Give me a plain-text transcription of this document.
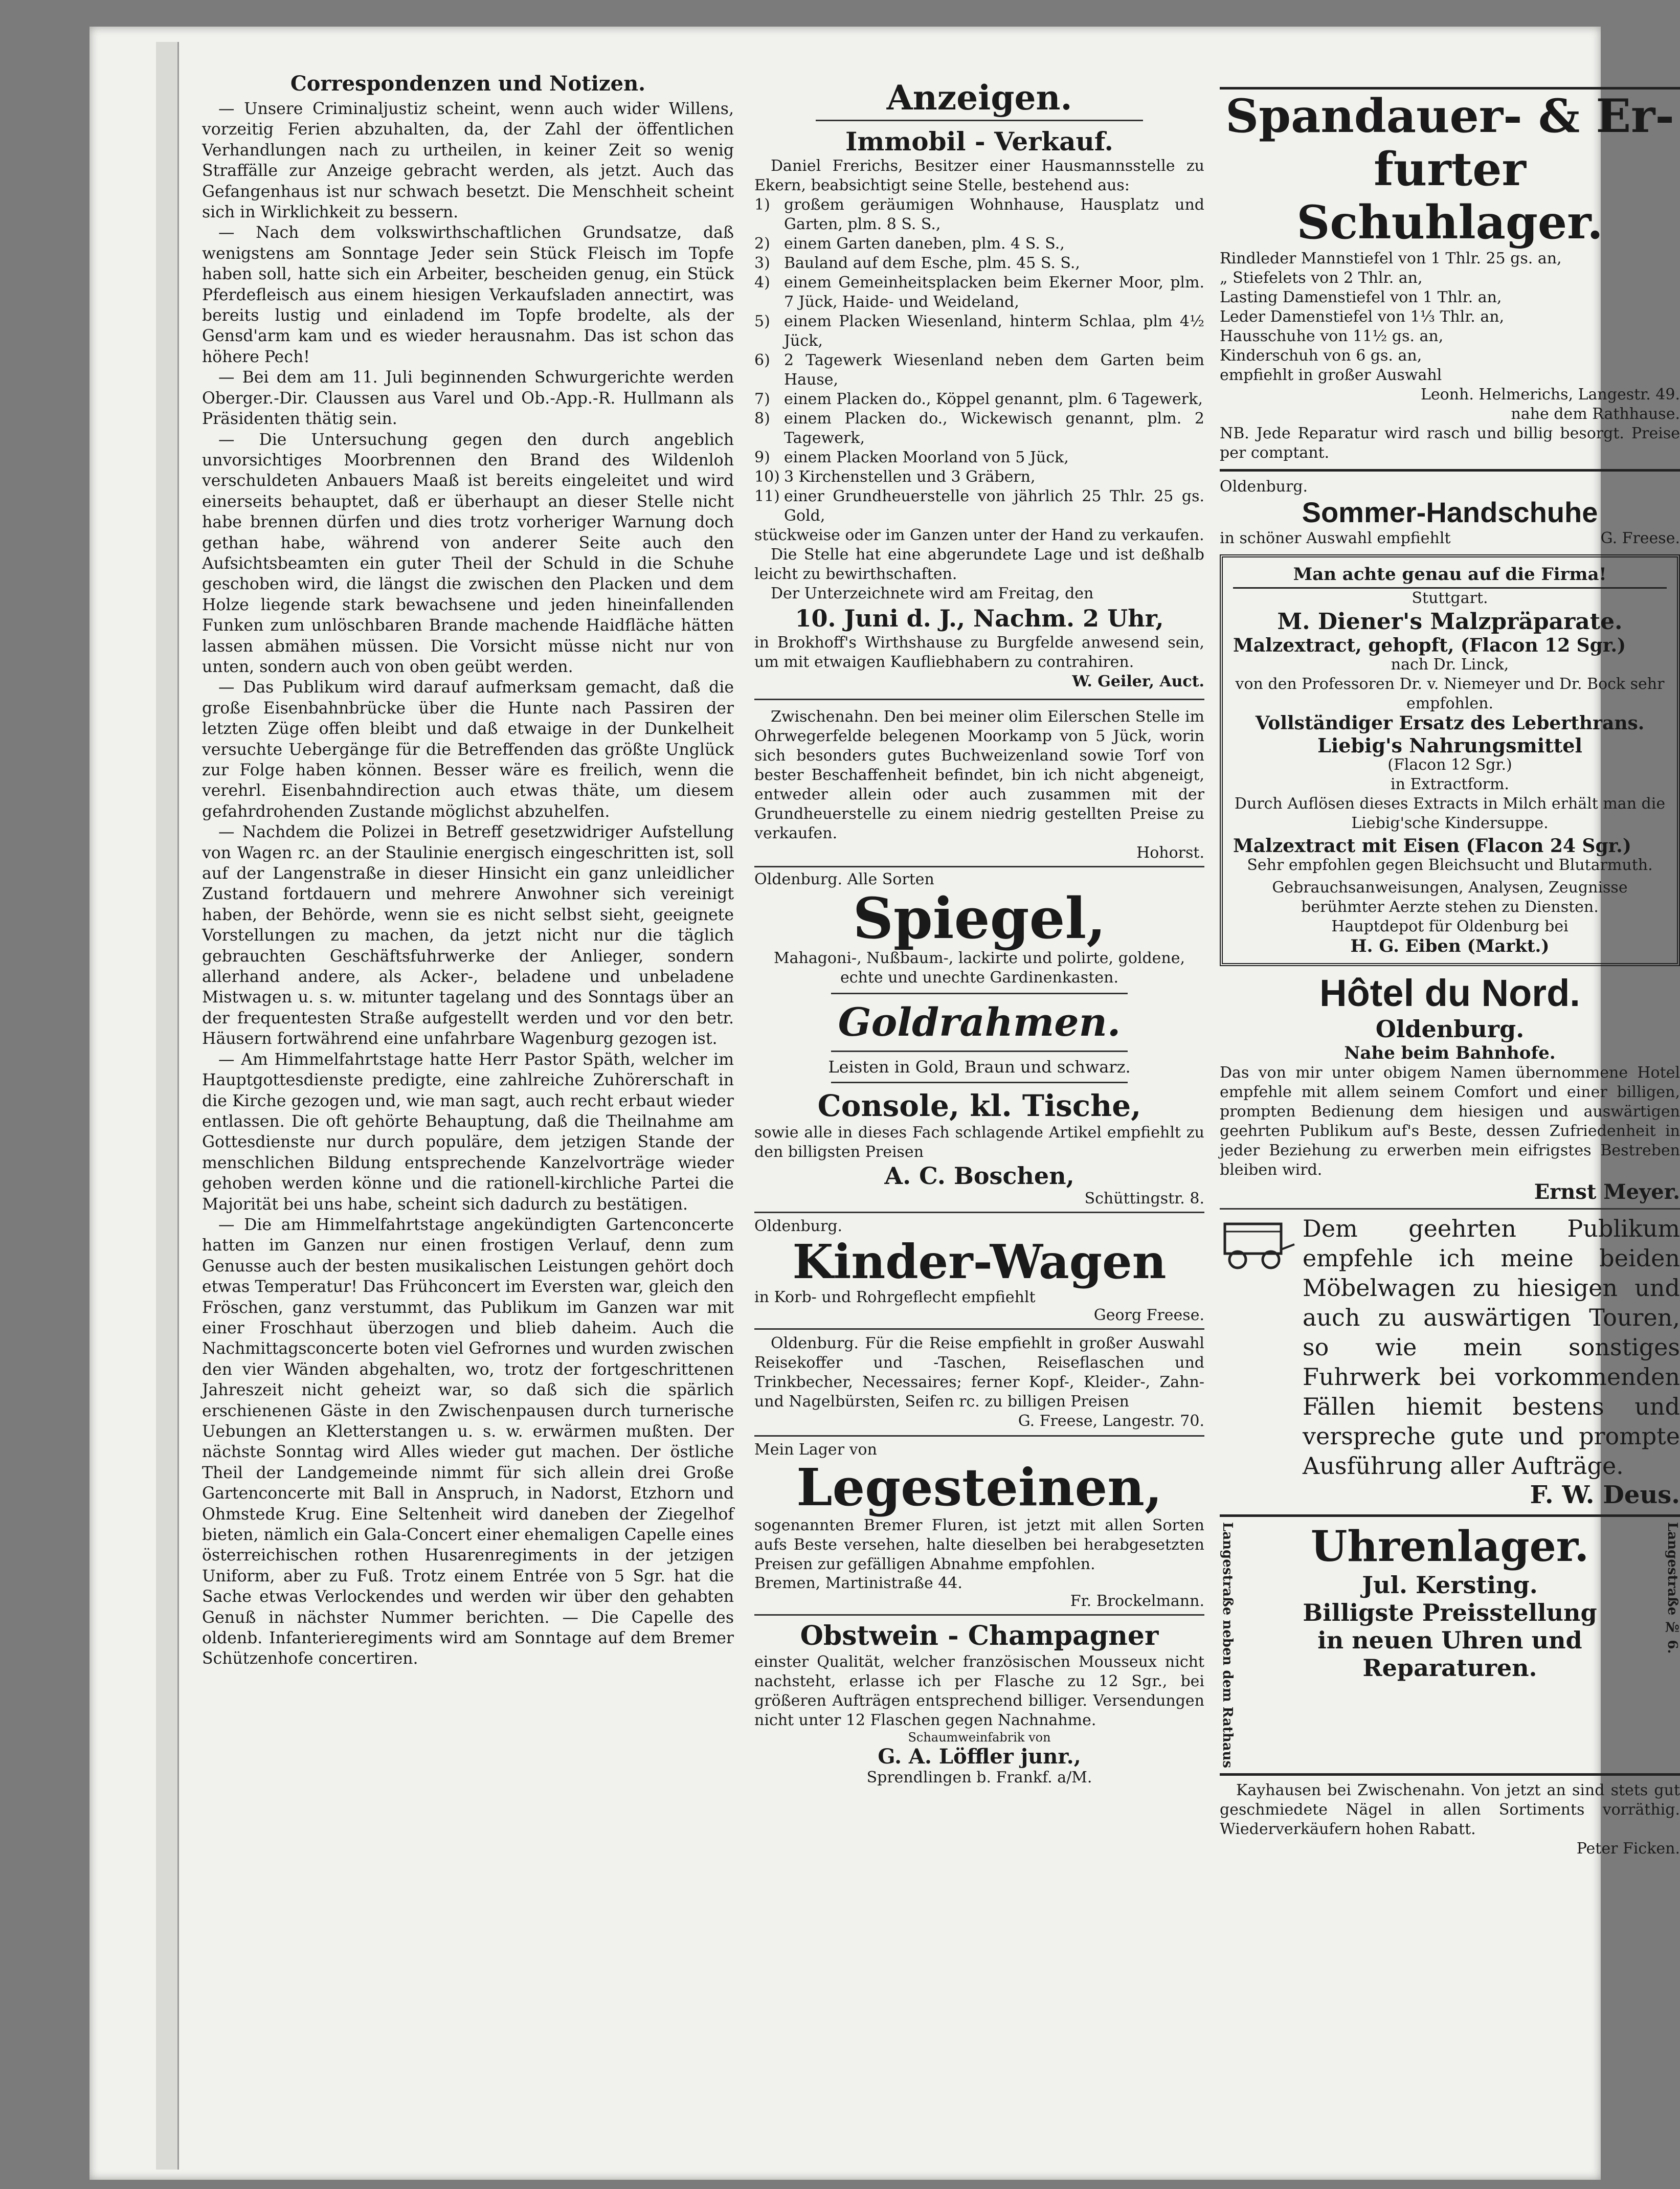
Correspondenzen und Notizen.

— Unsere Criminaljustiz scheint, wenn auch wider Willens, vorzeitig Ferien abzuhalten, da, der Zahl der öffentlichen Verhandlungen nach zu urtheilen, in keiner Zeit so wenig Straffälle zur Anzeige gebracht werden, als jetzt. Auch das Gefangenhaus ist nur schwach besetzt. Die Menschheit scheint sich in Wirklichkeit zu bessern.

— Nach dem volkswirthschaftlichen Grundsatze, daß wenigstens am Sonntage Jeder sein Stück Fleisch im Topfe haben soll, hatte sich ein Arbeiter, bescheiden genug, ein Stück Pferdefleisch aus einem hiesigen Verkaufsladen annectirt, was bereits lustig und einladend im Topfe brodelte, als der Gensd'arm kam und es wieder herausnahm. Das ist schon das höhere Pech!

— Bei dem am 11. Juli beginnenden Schwurgerichte werden Oberger.-Dir. Claussen aus Varel und Ob.-App.-R. Hullmann als Präsidenten thätig sein.

— Die Untersuchung gegen den durch angeblich unvorsichtiges Moorbrennen den Brand des Wildenloh verschuldeten Anbauers Maaß ist bereits eingeleitet und wird einerseits behauptet, daß er überhaupt an dieser Stelle nicht habe brennen dürfen und dies trotz vorheriger Warnung doch gethan habe, während von anderer Seite auch den Aufsichtsbeamten ein guter Theil der Schuld in die Schuhe geschoben wird, die längst die zwischen den Placken und dem Holze liegende stark bewachsene und jeden hineinfallenden Funken zum unlöschbaren Brande machende Haidfläche hätten lassen abmähen müssen. Die Vorsicht müsse nicht nur von unten, sondern auch von oben geübt werden.

— Das Publikum wird darauf aufmerksam gemacht, daß die große Eisenbahnbrücke über die Hunte nach Passiren der letzten Züge offen bleibt und daß etwaige in der Dunkelheit versuchte Uebergänge für die Betreffenden das größte Unglück zur Folge haben können. Besser wäre es freilich, wenn die verehrl. Eisenbahndirection auch etwas thäte, um diesem gefahrdrohenden Zustande möglichst abzuhelfen.

— Nachdem die Polizei in Betreff gesetzwidriger Aufstellung von Wagen rc. an der Staulinie energisch eingeschritten ist, soll auf der Langenstraße in dieser Hinsicht ein ganz unleidlicher Zustand fortdauern und mehrere Anwohner sich vereinigt haben, der Behörde, wenn sie es nicht selbst sieht, geeignete Vorstellungen zu machen, da jetzt nicht nur die täglich gebrauchten Geschäftsfuhrwerke der Anlieger, sondern allerhand andere, als Acker-, beladene und unbeladene Mistwagen u. s. w. mitunter tagelang und des Sonntags über an der frequentesten Straße aufgestellt werden und vor den betr. Häusern fortwährend eine unfahrbare Wagenburg gezogen ist.

— Am Himmelfahrtstage hatte Herr Pastor Späth, welcher im Hauptgottesdienste predigte, eine zahlreiche Zuhörerschaft in die Kirche gezogen und, wie man sagt, auch recht erbaut wieder entlassen. Die oft gehörte Behauptung, daß die Theilnahme am Gottesdienste nur durch populäre, dem jetzigen Stande der menschlichen Bildung entsprechende Kanzelvorträge wieder gehoben werden könne und die rationell-kirchliche Partei die Majorität bei uns habe, scheint sich dadurch zu bestätigen.

— Die am Himmelfahrtstage angekündigten Gartenconcerte hatten im Ganzen nur einen frostigen Verlauf, denn zum Genusse auch der besten musikalischen Leistungen gehört doch etwas Temperatur! Das Frühconcert im Eversten war, gleich den Fröschen, ganz verstummt, das Publikum im Ganzen war mit einer Froschhaut überzogen und blieb daheim. Auch die Nachmittagsconcerte boten viel Gefrornes und wurden zwischen den vier Wänden abgehalten, wo, trotz der fortgeschrittenen Jahreszeit nicht geheizt war, so daß sich die spärlich erschienenen Gäste in den Zwischenpausen durch turnerische Uebungen an Kletterstangen u. s. w. erwärmen mußten. Der nächste Sonntag wird Alles wieder gut machen. Der östliche Theil der Landgemeinde nimmt für sich allein drei Große Gartenconcerte mit Ball in Anspruch, in Nadorst, Etzhorn und Ohmstede Krug. Eine Seltenheit wird daneben der Ziegelhof bieten, nämlich ein Gala-Concert einer ehemaligen Capelle eines österreichischen rothen Husarenregiments in der jetzigen Uniform, aber zu Fuß. Trotz einem Entrée von 5 Sgr. hat die Sache etwas Verlockendes und werden wir über den gehabten Genuß in nächster Nummer berichten. — Die Capelle des oldenb. Infanterieregiments wird am Sonntage auf dem Bremer Schützenhofe concertiren.

Anzeigen.
Immobil - Verkauf.

Daniel Frerichs, Besitzer einer Hausmannsstelle zu Ekern, beabsichtigt seine Stelle, bestehend aus:

1) großem geräumigen Wohnhause, Hausplatz und Garten, plm. 8 S. S.,
2) einem Garten daneben, plm. 4 S. S.,
3) Bauland auf dem Esche, plm. 45 S. S.,
4) einem Gemeinheitsplacken beim Ekerner Moor, plm. 7 Jück, Haide- und Weideland,
5) einem Placken Wiesenland, hinterm Schlaa, plm 4½ Jück,
6) 2 Tagewerk Wiesenland neben dem Garten beim Hause,
7) einem Placken do., Köppel genannt, plm. 6 Tagewerk,
8) einem Placken do., Wickewisch genannt, plm. 2 Tagewerk,
9) einem Placken Moorland von 5 Jück,
10) 3 Kirchenstellen und 3 Gräbern,
11) einer Grundheuerstelle von jährlich 25 Thlr. 25 gs. Gold,

stückweise oder im Ganzen unter der Hand zu verkaufen.

Die Stelle hat eine abgerundete Lage und ist deßhalb leicht zu bewirthschaften.

Der Unterzeichnete wird am Freitag, den

10. Juni d. J., Nachm. 2 Uhr,

in Brokhoff's Wirthshause zu Burgfelde anwesend sein, um mit etwaigen Kaufliebhabern zu contrahiren.

W. Geiler, Auct.

Zwischenahn. Den bei meiner olim Eilerschen Stelle im Ohrwegerfelde belegenen Moorkamp von 5 Jück, worin sich besonders gutes Buchweizenland sowie Torf von bester Beschaffenheit befindet, bin ich nicht abgeneigt, entweder allein oder auch zusammen mit der Grundheuerstelle zu einem niedrig gestellten Preise zu verkaufen.

Hohorst.
Oldenburg. Alle Sorten
Spiegel,
Mahagoni-, Nußbaum-, lackirte und polirte, goldene, echte und unechte Gardinenkasten.
Goldrahmen.
Leisten in Gold, Braun und schwarz.
Console, kl. Tische,
sowie alle in dieses Fach schlagende Artikel empfiehlt zu den billigsten Preisen
A. C. Boschen,
Schüttingstr. 8.
Oldenburg.
Kinder-Wagen
in Korb- und Rohrgeflecht empfiehlt
Georg Freese.

Oldenburg. Für die Reise empfiehlt in großer Auswahl Reisekoffer und -Taschen, Reiseflaschen und Trinkbecher, Necessaires; ferner Kopf-, Kleider-, Zahn- und Nagelbürsten, Seifen rc. zu billigen Preisen

G. Freese, Langestr. 70.
Mein Lager von
Legesteinen,
sogenannten Bremer Fluren, ist jetzt mit allen Sorten aufs Beste versehen, halte dieselben bei herabgesetzten Preisen zur gefälligen Abnahme empfohlen.
Bremen, Martinistraße 44.
Fr. Brockelmann.
Obstwein - Champagner
einster Qualität, welcher französischen Mousseux nicht nachsteht, erlasse ich per Flasche zu 12 Sgr., bei größeren Aufträgen entsprechend billiger. Versendungen nicht unter 12 Flaschen gegen Nachnahme.
Schaumweinfabrik von
G. A. Löffler junr.,
Sprendlingen b. Frankf. a/M.
Spandauer- & Er-
furter Schuhlager.
Rindleder Mannstiefel von 1 Thlr. 25 gs. an,
„ Stiefelets von 2 Thlr. an,
Lasting Damenstiefel von 1 Thlr. an,
Leder Damenstiefel von 1⅓ Thlr. an,
Hausschuhe von 11½ gs. an,
Kinderschuh von 6 gs. an,
empfiehlt in großer Auswahl
Leonh. Helmerichs, Langestr. 49.
nahe dem Rathhause.
NB. Jede Reparatur wird rasch und billig besorgt. Preise per comptant.
Oldenburg.
Sommer-Handschuhe
in schöner Auswahl empfiehlt	G. Freese.
Man achte genau auf die Firma!
Stuttgart.
M. Diener's Malzpräparate.
Malzextract, gehopft, (Flacon 12 Sgr.)
nach Dr. Linck,
von den Professoren Dr. v. Niemeyer und Dr. Bock sehr empfohlen.
Vollständiger Ersatz des Leberthrans.
Liebig's Nahrungsmittel
(Flacon 12 Sgr.)
in Extractform.
Durch Auflösen dieses Extracts in Milch erhält man die Liebig'sche Kindersuppe.
Malzextract mit Eisen (Flacon 24 Sgr.)
Sehr empfohlen gegen Bleichsucht und Blutarmuth.
Gebrauchsanweisungen, Analysen, Zeugnisse berühmter Aerzte stehen zu Diensten.
Hauptdepot für Oldenburg bei
H. G. Eiben (Markt.)
Hôtel du Nord.
Oldenburg.
Nahe beim Bahnhofe.
Das von mir unter obigem Namen übernommene Hotel empfehle mit allem seinem Comfort und einer billigen, prompten Bedienung dem hiesigen und auswärtigen geehrten Publikum auf's Beste, dessen Zufriedenheit in jeder Beziehung zu erwerben mein eifrigstes Bestreben bleiben wird.
Ernst Meyer.
Dem geehrten Publikum empfehle ich meine beiden Möbelwagen zu hiesigen und auch zu auswärtigen Touren, so wie mein sonstiges Fuhrwerk bei vorkommenden Fällen hiemit bestens und verspreche gute und prompte Ausführung aller Aufträge.
F. W. Deus.
Langestraße neben dem Rathaus	Uhrenlager.
Jul. Kersting.
Billigste Preisstellung
in neuen Uhren und Reparaturen.
Langestraße № 6.

Kayhausen bei Zwischenahn. Von jetzt an sind stets gut geschmiedete Nägel in allen Sortiments vorräthig. Wiederverkäufern hohen Rabatt.

Peter Ficken.
